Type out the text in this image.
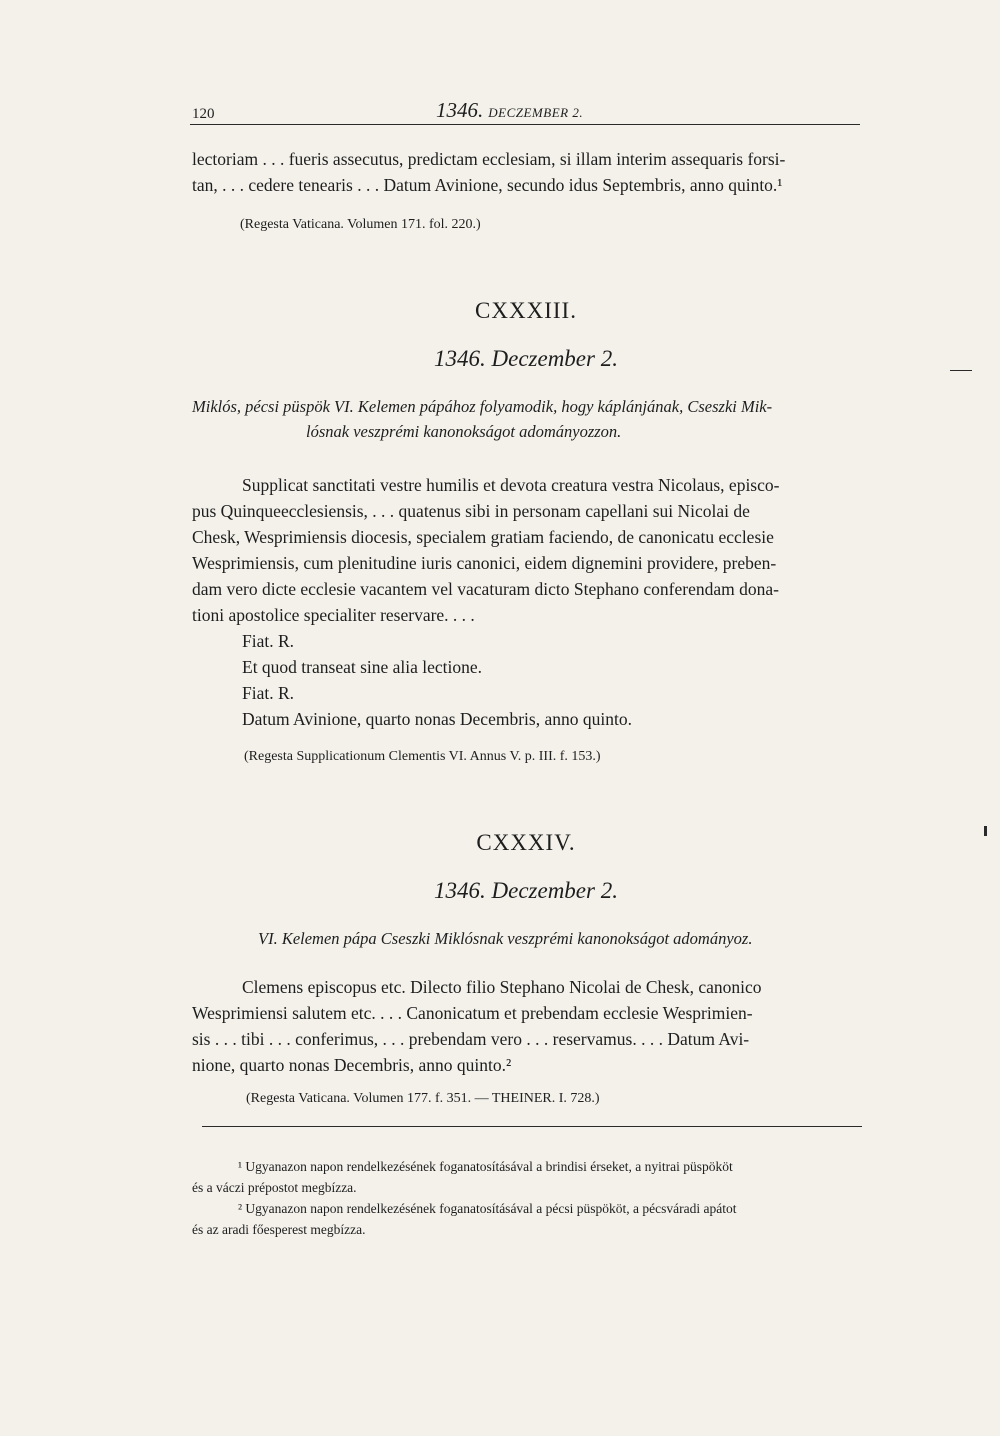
120	1346. DECZEMBER 2.
lectoriam . . . fueris assecutus, predictam ecclesiam, si illam interim assequaris forsi-
tan, . . . cedere tenearis . . . Datum Avinione, secundo idus Septembris, anno quinto.¹
(Regesta Vaticana. Volumen 171. fol. 220.)
CXXXIII.
1346. Deczember 2.
Miklós, pécsi püspök VI. Kelemen pápához folyamodik, hogy káplánjának, Cseszki Mik-
lósnak veszprémi kanonokságot adományozzon.
Supplicat sanctitati vestre humilis et devota creatura vestra Nicolaus, episco-
pus Quinqueecclesiensis, . . . quatenus sibi in personam capellani sui Nicolai de
Chesk, Wesprimiensis diocesis, specialem gratiam faciendo, de canonicatu ecclesie
Wesprimiensis, cum plenitudine iuris canonici, eidem dignemini providere, preben-
dam vero dicte ecclesie vacantem vel vacaturam dicto Stephano conferendam dona-
tioni apostolice specialiter reservare. . . .
Fiat. R.
Et quod transeat sine alia lectione.
Fiat. R.
Datum Avinione, quarto nonas Decembris, anno quinto.
(Regesta Supplicationum Clementis VI. Annus V. p. III. f. 153.)
CXXXIV.
1346. Deczember 2.
VI. Kelemen pápa Cseszki Miklósnak veszprémi kanonokságot adományoz.
Clemens episcopus etc. Dilecto filio Stephano Nicolai de Chesk, canonico
Wesprimiensi salutem etc. . . . Canonicatum et prebendam ecclesie Wesprimien-
sis . . . tibi . . . conferimus, . . . prebendam vero . . . reservamus. . . . Datum Avi-
nione, quarto nonas Decembris, anno quinto.²
(Regesta Vaticana. Volumen 177. f. 351. — THEINER. I. 728.)
¹ Ugyanazon napon rendelkezésének foganatosításával a brindisi érseket, a nyitrai püspököt
és a váczi prépostot megbízza.
² Ugyanazon napon rendelkezésének foganatosításával a pécsi püspököt, a pécsváradi apátot
és az aradi főesperest megbízza.
